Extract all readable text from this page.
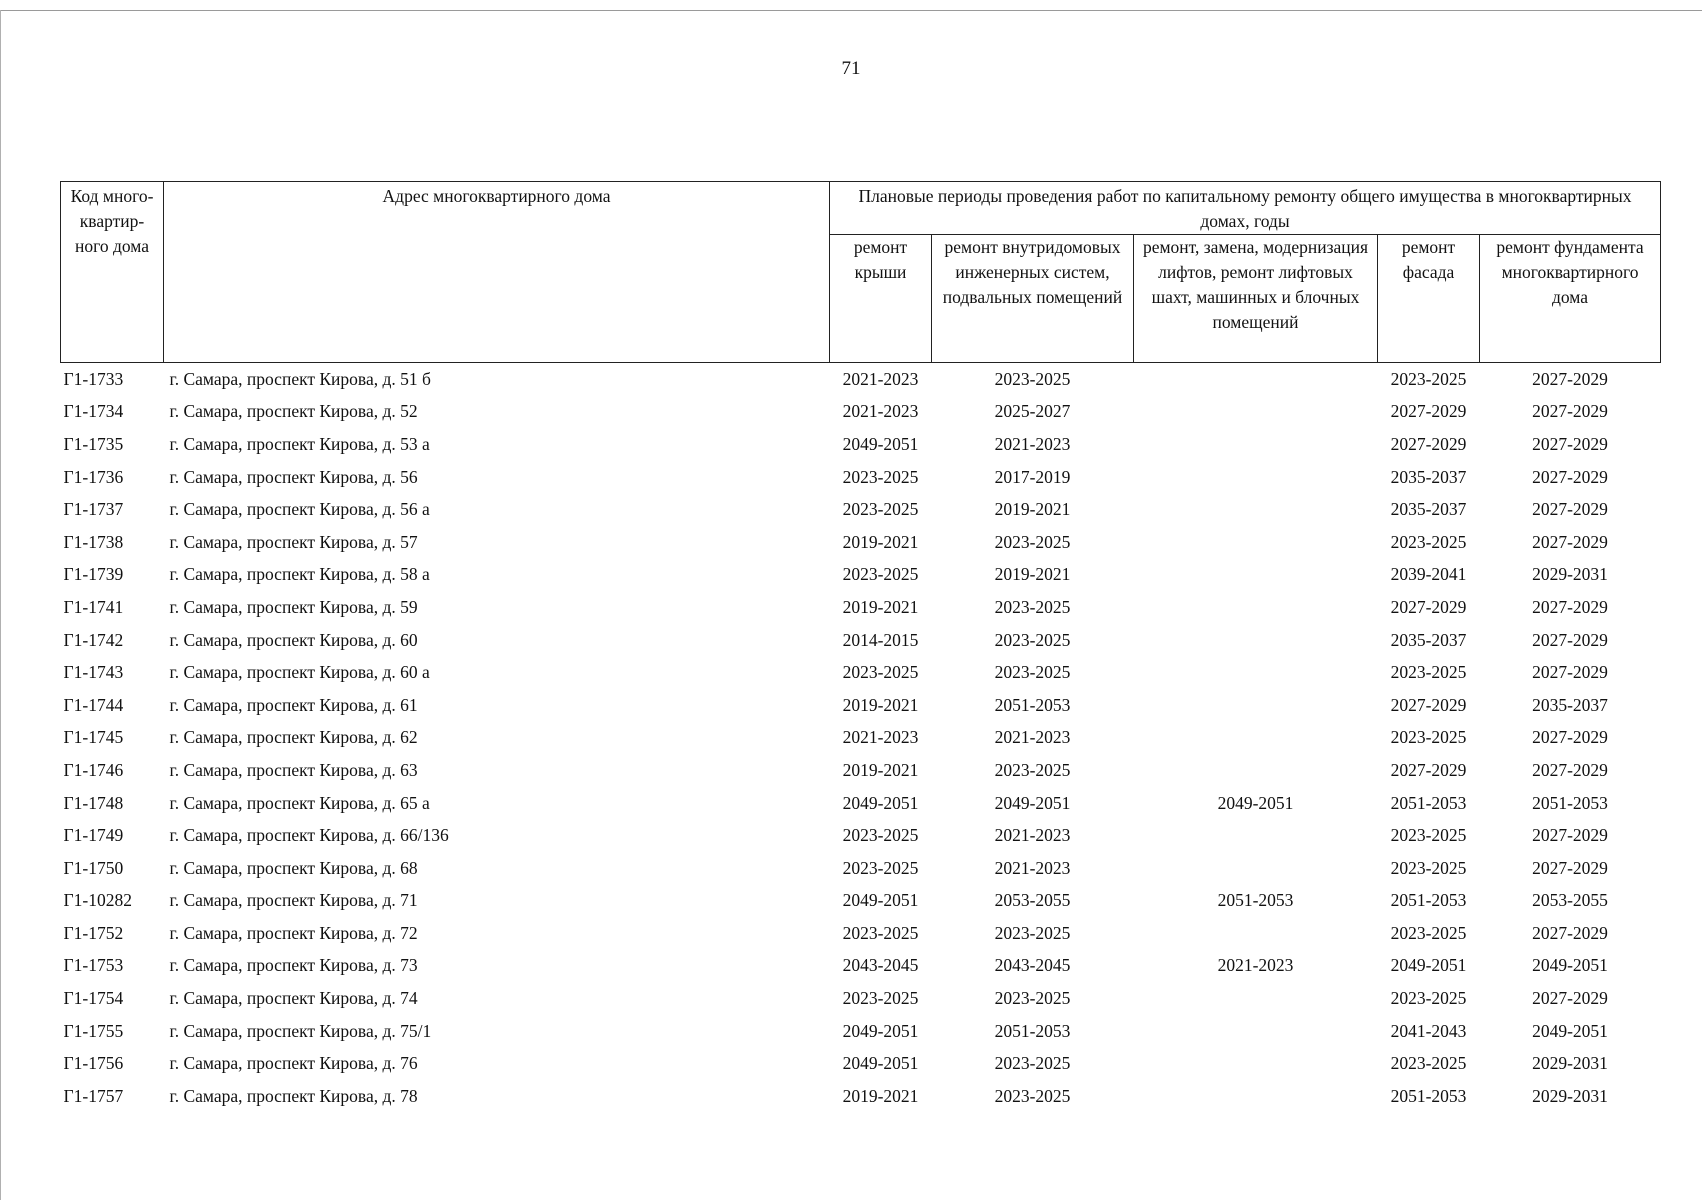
71
Код много-квартир-ного дома	Адрес многоквартирного дома	Плановые периоды проведения работ по капитальному ремонту общего имущества в многоквартирных домах, годы				
		ремонт крыши	ремонт внутридомовых инженерных систем, подвальных помещений	ремонт, замена, модернизация лифтов, ремонт лифтовых шахт, машинных и блочных помещений	ремонт фасада	ремонт фундамента многоквартирного дома
Г1-1733	г. Самара, проспект Кирова, д. 51 б	2021-2023	2023-2025		2023-2025	2027-2029
Г1-1734	г. Самара, проспект Кирова, д. 52	2021-2023	2025-2027		2027-2029	2027-2029
Г1-1735	г. Самара, проспект Кирова, д. 53 а	2049-2051	2021-2023		2027-2029	2027-2029
Г1-1736	г. Самара, проспект Кирова, д. 56	2023-2025	2017-2019		2035-2037	2027-2029
Г1-1737	г. Самара, проспект Кирова, д. 56 а	2023-2025	2019-2021		2035-2037	2027-2029
Г1-1738	г. Самара, проспект Кирова, д. 57	2019-2021	2023-2025		2023-2025	2027-2029
Г1-1739	г. Самара, проспект Кирова, д. 58 а	2023-2025	2019-2021		2039-2041	2029-2031
Г1-1741	г. Самара, проспект Кирова, д. 59	2019-2021	2023-2025		2027-2029	2027-2029
Г1-1742	г. Самара, проспект Кирова, д. 60	2014-2015	2023-2025		2035-2037	2027-2029
Г1-1743	г. Самара, проспект Кирова, д. 60 а	2023-2025	2023-2025		2023-2025	2027-2029
Г1-1744	г. Самара, проспект Кирова, д. 61	2019-2021	2051-2053		2027-2029	2035-2037
Г1-1745	г. Самара, проспект Кирова, д. 62	2021-2023	2021-2023		2023-2025	2027-2029
Г1-1746	г. Самара, проспект Кирова, д. 63	2019-2021	2023-2025		2027-2029	2027-2029
Г1-1748	г. Самара, проспект Кирова, д. 65 а	2049-2051	2049-2051	2049-2051	2051-2053	2051-2053
Г1-1749	г. Самара, проспект Кирова, д. 66/136	2023-2025	2021-2023		2023-2025	2027-2029
Г1-1750	г. Самара, проспект Кирова, д. 68	2023-2025	2021-2023		2023-2025	2027-2029
Г1-10282	г. Самара, проспект Кирова, д. 71	2049-2051	2053-2055	2051-2053	2051-2053	2053-2055
Г1-1752	г. Самара, проспект Кирова, д. 72	2023-2025	2023-2025		2023-2025	2027-2029
Г1-1753	г. Самара, проспект Кирова, д. 73	2043-2045	2043-2045	2021-2023	2049-2051	2049-2051
Г1-1754	г. Самара, проспект Кирова, д. 74	2023-2025	2023-2025		2023-2025	2027-2029
Г1-1755	г. Самара, проспект Кирова, д. 75/1	2049-2051	2051-2053		2041-2043	2049-2051
Г1-1756	г. Самара, проспект Кирова, д. 76	2049-2051	2023-2025		2023-2025	2029-2031
Г1-1757	г. Самара, проспект Кирова, д. 78	2019-2021	2023-2025		2051-2053	2029-2031
